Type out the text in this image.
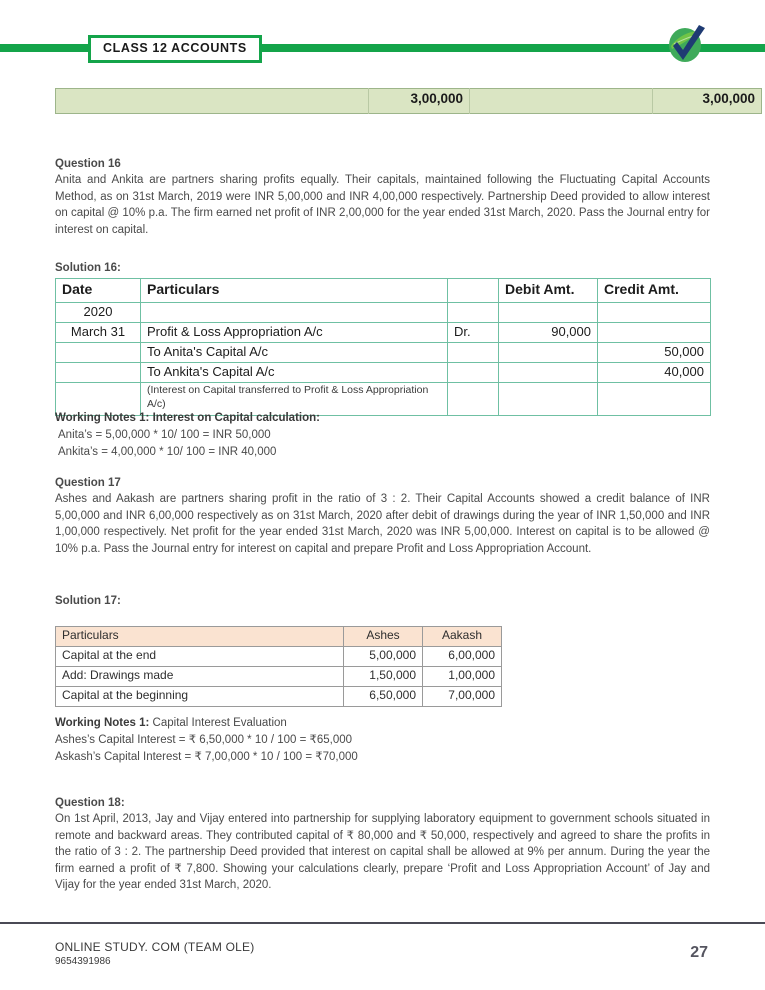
CLASS 12 ACCOUNTS
	3,00,000		3,00,000

Question 16

Anita and Ankita are partners sharing profits equally. Their capitals, maintained following the Fluctuating Capital Accounts Method, as on 31st March, 2019 were INR 5,00,000 and INR 4,00,000 respectively. Partnership Deed provided to allow interest on capital @ 10% p.a. The firm earned net profit of INR 2,00,000 for the year ended 31st March, 2020. Pass the Journal entry for interest on capital.

Solution 16:

Date	Particulars		Debit Amt.	Credit Amt.
2020				
March 31	Profit & Loss Appropriation A/c	Dr.	90,000	
	To Anita's Capital A/c			50,000
	To Ankita's Capital A/c			40,000
	(Interest on Capital transferred to Profit & Loss Appropriation A/c)			
Working Notes 1: Interest on Capital calculation:
Anita’s = 5,00,000 * 10/ 100 = INR 50,000
Ankita’s = 4,00,000 * 10/ 100 = INR 40,000

Question 17

Ashes and Aakash are partners sharing profit in the ratio of 3 : 2. Their Capital Accounts showed a credit balance of INR 5,00,000 and INR 6,00,000 respectively as on 31st March, 2020 after debit of drawings during the year of INR 1,50,000 and INR 1,00,000 respectively. Net profit for the year ended 31st March, 2020 was INR 5,00,000. Interest on capital is to be allowed @ 10% p.a. Pass the Journal entry for interest on capital and prepare Profit and Loss Appropriation Account.

Solution 17:

Particulars	Ashes	Aakash
Capital at the end	5,00,000	6,00,000
Add: Drawings made	1,50,000	1,00,000
Capital at the beginning	6,50,000	7,00,000
Working Notes 1: Capital Interest Evaluation
Ashes’s Capital Interest = ₹ 6,50,000 * 10 / 100 = ₹65,000
Askash’s Capital Interest = ₹ 7,00,000 * 10 / 100 = ₹70,000

Question 18:

On 1st April, 2013, Jay and Vijay entered into partnership for supplying laboratory equipment to government schools situated in remote and backward areas. They contributed capital of ₹ 80,000 and ₹ 50,000, respectively and agreed to share the profits in the ratio of 3 : 2. The partnership Deed provided that interest on capital shall be allowed at 9% per annum. During the year the firm earned a profit of ₹ 7,800. Showing your calculations clearly, prepare ‘Profit and Loss Appropriation Account’ of Jay and Vijay for the year ended 31st March, 2020.

ONLINE STUDY. COM (TEAM OLE)
9654391986
27
